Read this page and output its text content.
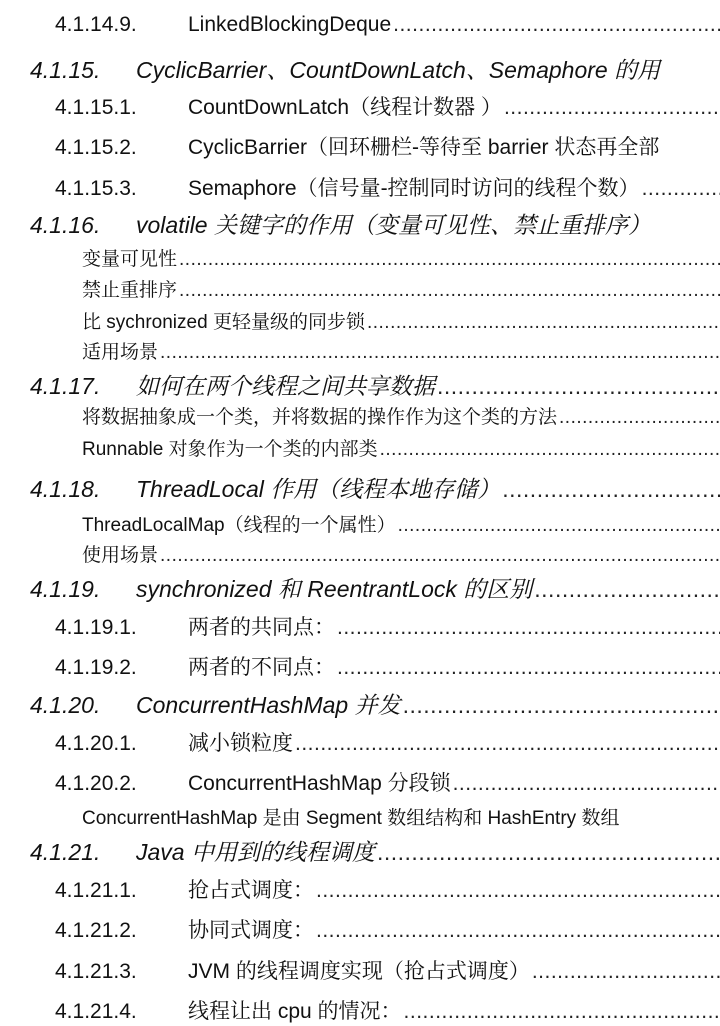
4.1.14.9.	LinkedBlockingDeque
.....
4.1.15.	CyclicBarrier、CountDownLatch、Semaphore 的用
4.1.15.1.	CountDownLatch（线程计数器 ）
.....
4.1.15.2.	CyclicBarrier（回环栅栏-等待至 barrier 状态再全部
4.1.15.3.	Semaphore（信号量-控制同时访问的线程个数）
.....
4.1.16.	volatile 关键字的作用（变量可见性、禁止重排序）
变量可见性
.....
禁止重排序
.....
比 sychronized 更轻量级的同步锁
.....
适用场景
.....
4.1.17.	如何在两个线程之间共享数据
.....
将数据抽象成一个类，并将数据的操作作为这个类的方法
.....
Runnable 对象作为一个类的内部类
.....
4.1.18.	ThreadLocal 作用（线程本地存储）
.....
ThreadLocalMap（线程的一个属性）
.....
使用场景
.....
4.1.19.	synchronized 和 ReentrantLock 的区别
.....
4.1.19.1.	两者的共同点：
.....
4.1.19.2.	两者的不同点：
.....
4.1.20.	ConcurrentHashMap 并发
.....
4.1.20.1.	减小锁粒度
.....
4.1.20.2.	ConcurrentHashMap 分段锁
.....
ConcurrentHashMap 是由 Segment 数组结构和 HashEntry 数组
4.1.21.	Java 中用到的线程调度
.....
4.1.21.1.	抢占式调度：
.....
4.1.21.2.	协同式调度：
.....
4.1.21.3.	JVM 的线程调度实现（抢占式调度）
.....
4.1.21.4.	线程让出 cpu 的情况：
.....
